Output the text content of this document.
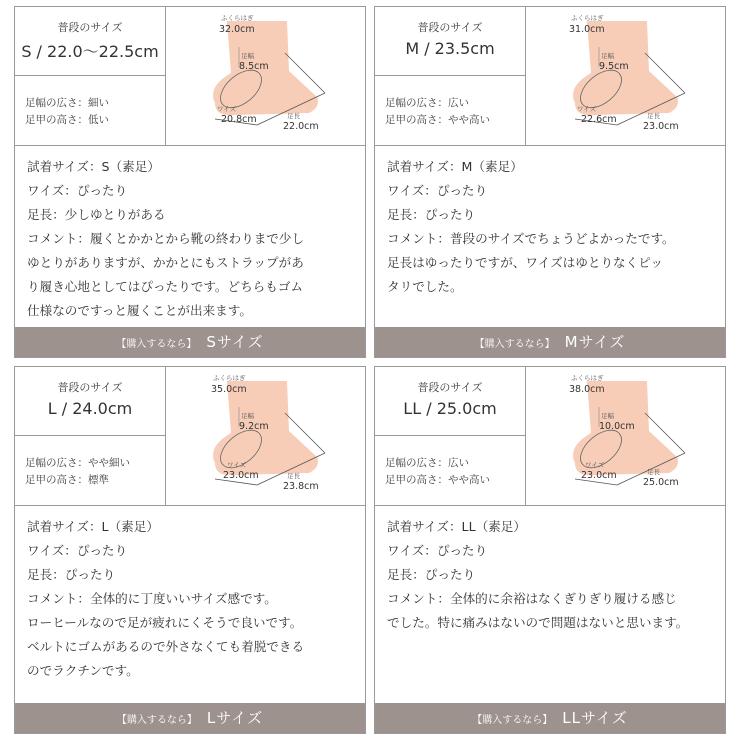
普段のサイズ
S / 22.0〜22.5cm
足幅の広さ：細い
足甲の高さ：低い
ふくらはぎ
32.0cm
足幅
8.5cm
ワイズ
20.8cm	足長
22.0cm
試着サイズ：S（素足）
ワイズ：ぴったり
足長：少しゆとりがある
コメント：履くとかかとから靴の終わりまで少し
ゆとりがありますが、かかとにもストラップがあ
り履き心地としてはぴったりです。どちらもゴム
仕様なのですっと履くことが出来ます。
【購入するなら】 Sサイズ
普段のサイズ
M / 23.5cm
足幅の広さ：広い
足甲の高さ：やや高い
ふくらはぎ
31.0cm
足幅
9.5cm
ワイズ
22.6cm	足長
23.0cm
試着サイズ：M（素足）
ワイズ：ぴったり
足長：ぴったり
コメント：普段のサイズでちょうどよかったです。
足長はゆったりですが、ワイズはゆとりなくピッ
タリでした。
【購入するなら】 Mサイズ
普段のサイズ
L / 24.0cm
足幅の広さ：やや細い
足甲の高さ：標準
ふくらはぎ
35.0cm
足幅
9.2cm
ワイズ
23.0cm	足長
23.8cm
試着サイズ：L（素足）
ワイズ：ぴったり
足長：ぴったり
コメント：全体的に丁度いいサイズ感です。
ローヒールなので足が疲れにくそうで良いです。
ベルトにゴムがあるので外さなくても着脱できる
のでラクチンです。
【購入するなら】 Lサイズ
普段のサイズ
LL / 25.0cm
足幅の広さ：広い
足甲の高さ：やや高い
ふくらはぎ
38.0cm
足幅
10.0cm
ワイズ
23.0cm	足長
25.0cm
試着サイズ：LL（素足）
ワイズ：ぴったり
足長：ぴったり
コメント：全体的に余裕はなくぎりぎり履ける感じ
でした。特に痛みはないので問題はないと思います。
【購入するなら】 LLサイズ
